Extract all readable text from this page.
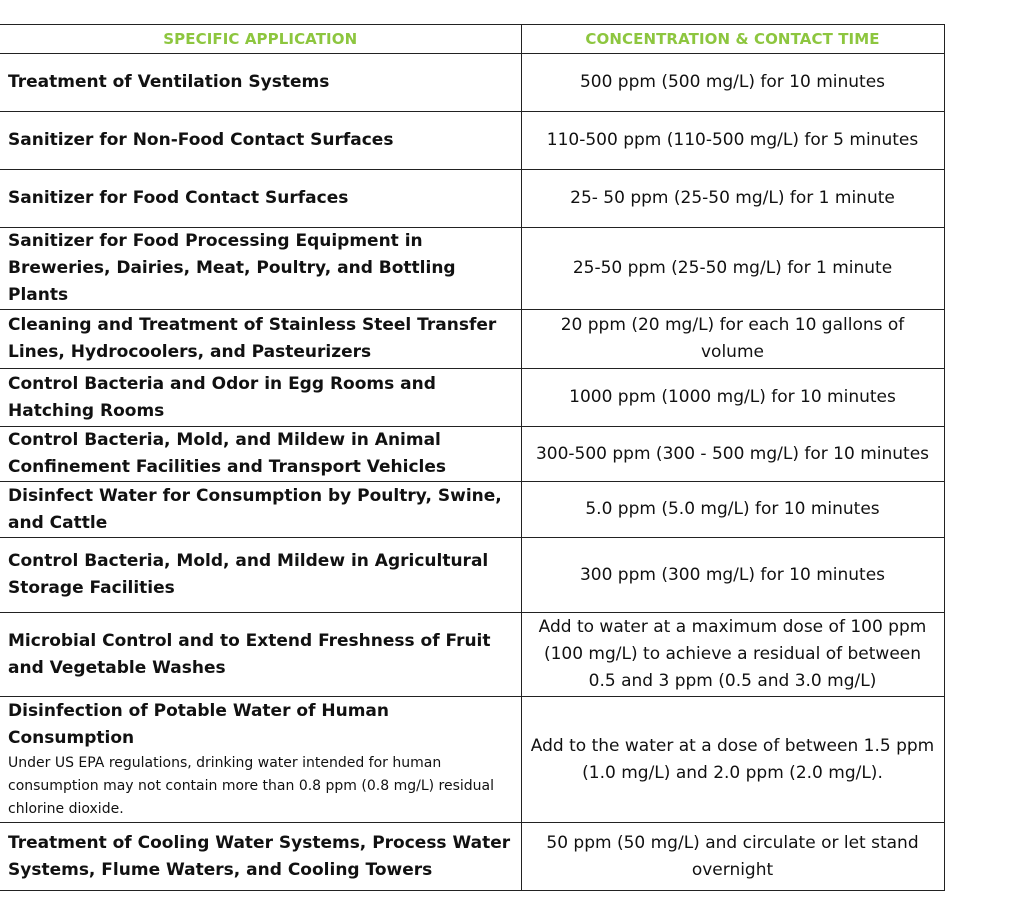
SPECIFIC APPLICATION	CONCENTRATION & CONTACT TIME
Treatment of Ventilation Systems	500 ppm (500 mg/L) for 10 minutes
Sanitizer for Non-Food Contact Surfaces	110-500 ppm (110-500 mg/L) for 5 minutes
Sanitizer for Food Contact Surfaces	25- 50 ppm (25-50 mg/L) for 1 minute
Sanitizer for Food Processing Equipment in Breweries, Dairies, Meat, Poultry, and Bottling Plants	25-50 ppm (25-50 mg/L) for 1 minute
Cleaning and Treatment of Stainless Steel Transfer Lines, Hydrocoolers, and Pasteurizers	20 ppm (20 mg/L) for each 10 gallons of volume
Control Bacteria and Odor in Egg Rooms and Hatching Rooms	1000 ppm (1000 mg/L) for 10 minutes
Control Bacteria, Mold, and Mildew in Animal Confinement Facilities and Transport Vehicles	300-500 ppm (300 - 500 mg/L) for 10 minutes
Disinfect Water for Consumption by Poultry, Swine, and Cattle	5.0 ppm (5.0 mg/L) for 10 minutes
Control Bacteria, Mold, and Mildew in Agricultural Storage Facilities	300 ppm (300 mg/L) for 10 minutes
Microbial Control and to Extend Freshness of Fruit and Vegetable Washes	Add to water at a maximum dose of 100 ppm (100 mg/L) to achieve a residual of between 0.5 and 3 ppm (0.5 and 3.0 mg/L)
Disinfection of Potable Water of Human Consumption
Under US EPA regulations, drinking water intended for human consumption may not contain more than 0.8 ppm (0.8 mg/L) residual chlorine dioxide.	Add to the water at a dose of between 1.5 ppm (1.0 mg/L) and 2.0 ppm (2.0 mg/L).
Treatment of Cooling Water Systems, Process Water Systems, Flume Waters, and Cooling Towers	50 ppm (50 mg/L) and circulate or let stand overnight
